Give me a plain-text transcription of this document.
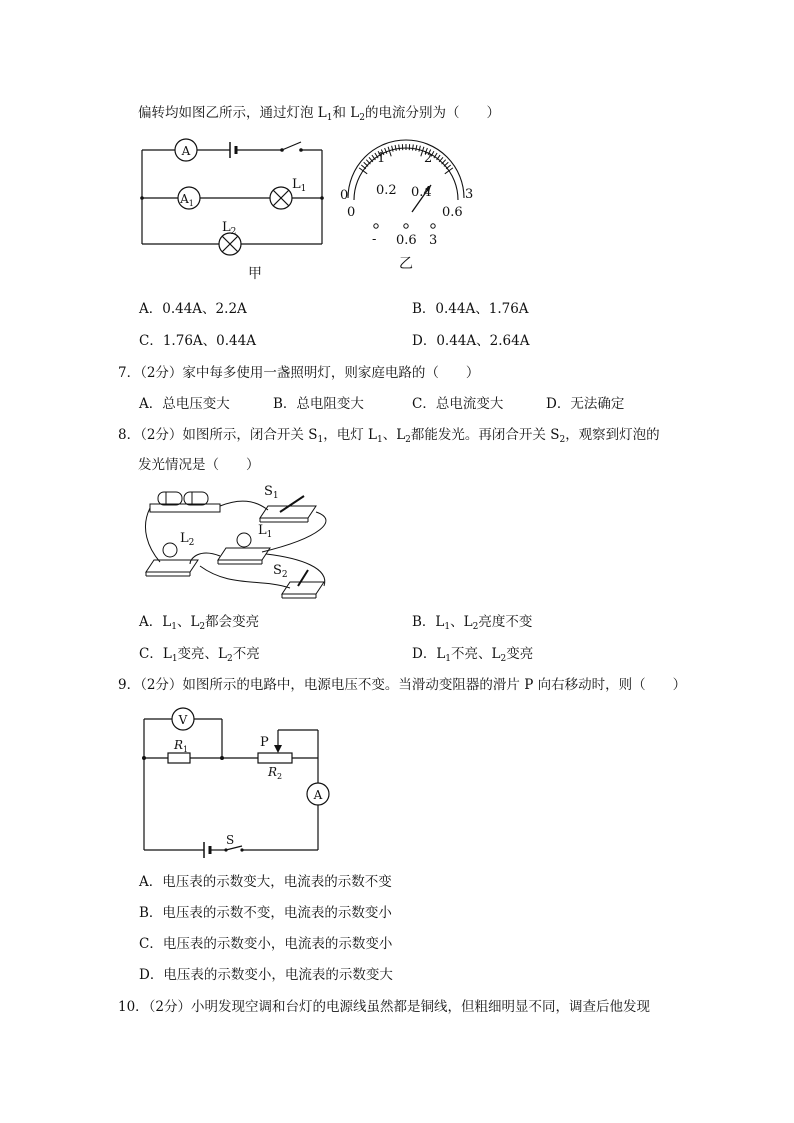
偏转均如图乙所示，通过灯泡 $L_1$和 $L_2$的电流分别为（　　）
A
$A_1$
$L_1$
$L_2$
甲
0
1	2
3
0
0.2 0.4
0.6
- 0.6 3
乙
A．0.44A、2.2A	B．0.44A、1.76A
C．1.76A、0.44A	D．0.44A、2.64A
7．（2分）家中每多使用一盏照明灯，则家庭电路的（　　）
A．总电压变大	B．总电阻变大	C．总电流变大	D．无法确定
8．（2分）如图所示，闭合开关 $S_1$，电灯 $L_1$、$L_2$都能发光。再闭合开关 $S_2$，观察到灯泡的
发光情况是（　　）
$S_1$
$S_2$
$L_1$
$L_2$
A．$L_1$、$L_2$都会变亮	B．$L_1$、$L_2$亮度不变
C．$L_1$变亮、$L_2$不亮	D．$L_1$不亮、$L_2$变亮
9．（2分）如图所示的电路中，电源电压不变。当滑动变阻器的滑片 P 向右移动时，则（　　）
V
A
$R_1$
$R_2$
P
S
A．电压表的示数变大，电流表的示数不变
B．电压表的示数不变，电流表的示数变小
C．电压表的示数变小，电流表的示数变小
D．电压表的示数变小，电流表的示数变大
10．（2分）小明发现空调和台灯的电源线虽然都是铜线，但粗细明显不同，调查后他发现
